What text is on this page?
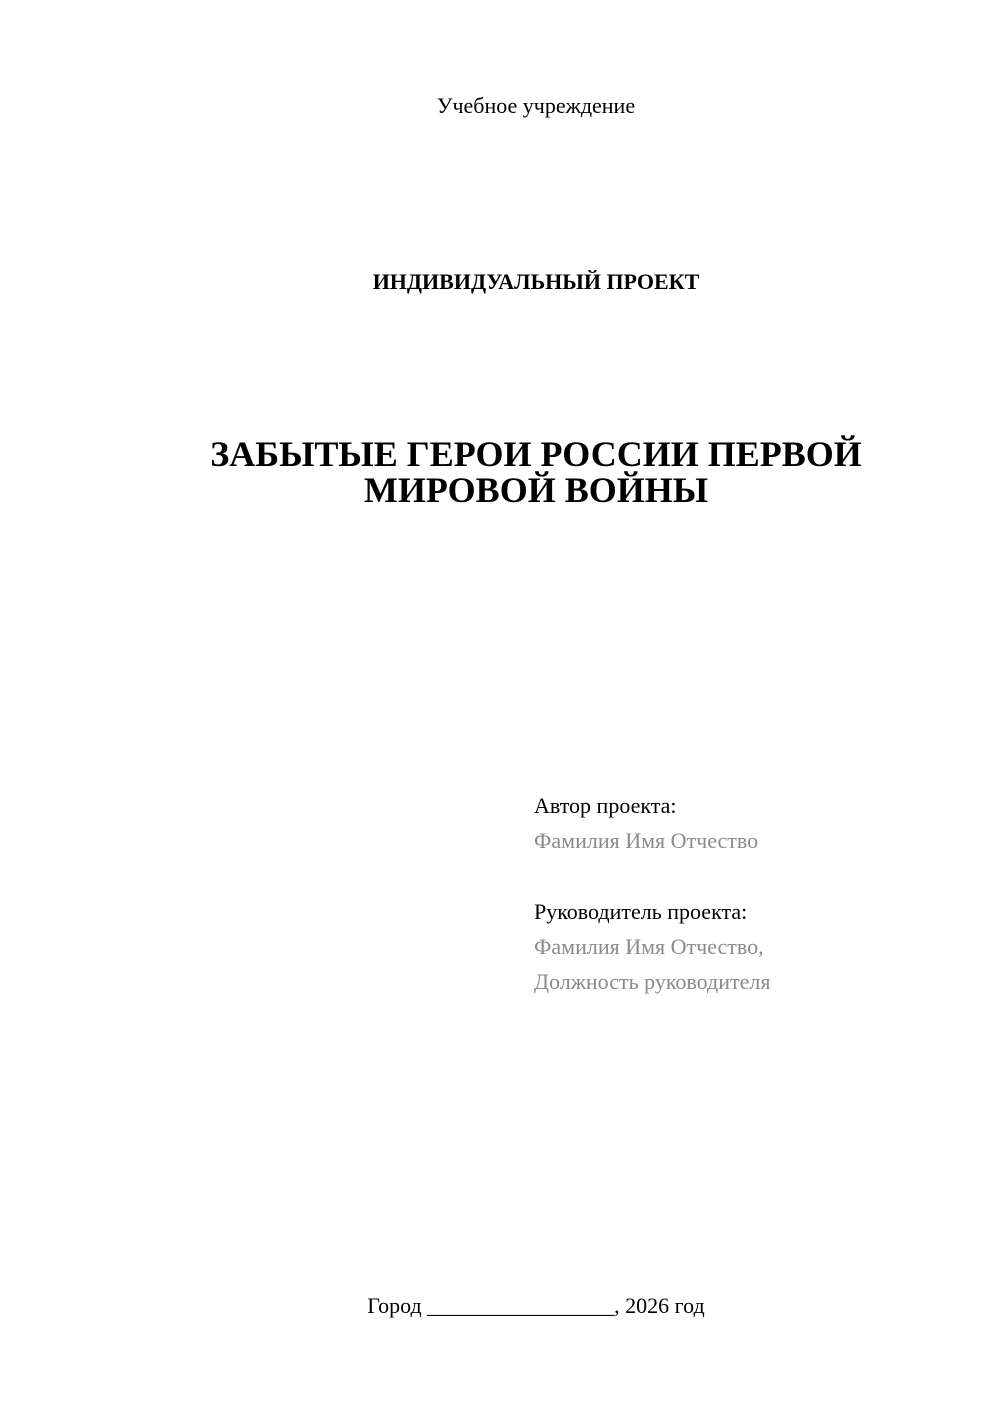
Учебное учреждение
ИНДИВИДУАЛЬНЫЙ ПРОЕКТ
ЗАБЫТЫЕ ГЕРОИ РОССИИ ПЕРВОЙ
МИРОВОЙ ВОЙНЫ
Автор проекта:
Фамилия Имя Отчество
Руководитель проекта:
Фамилия Имя Отчество,
Должность руководителя
Город _________________, 2026 год
